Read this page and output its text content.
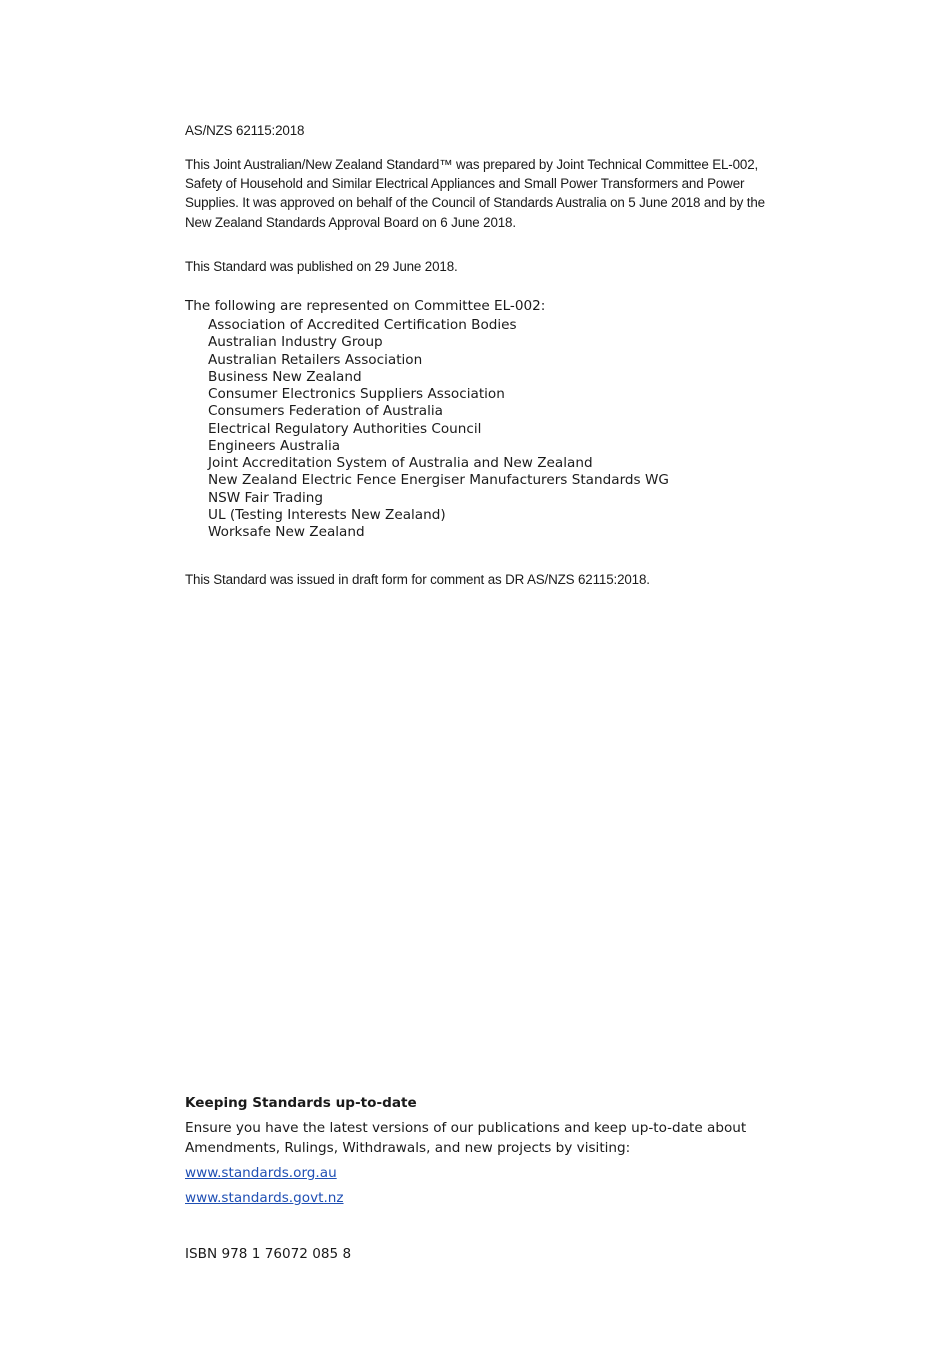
AS/NZS 62115:2018

This Joint Australian/New Zealand Standard™ was prepared by Joint Technical Committee EL-002, Safety of Household and Similar Electrical Appliances and Small Power Transformers and Power Supplies. It was approved on behalf of the Council of Standards Australia on 5 June 2018 and by the New Zealand Standards Approval Board on 6 June 2018.

This Standard was published on 29 June 2018.

The following are represented on Committee EL-002:

Association of Accredited Certification Bodies
Australian Industry Group
Australian Retailers Association
Business New Zealand
Consumer Electronics Suppliers Association
Consumers Federation of Australia
Electrical Regulatory Authorities Council
Engineers Australia
Joint Accreditation System of Australia and New Zealand
New Zealand Electric Fence Energiser Manufacturers Standards WG
NSW Fair Trading
UL (Testing Interests New Zealand)
Worksafe New Zealand

This Standard was issued in draft form for comment as DR AS/NZS 62115:2018.

Keeping Standards up-to-date

Ensure you have the latest versions of our publications and keep up-to-date about Amendments, Rulings, Withdrawals, and new projects by visiting:

www.standards.org.au
www.standards.govt.nz

ISBN 978 1 76072 085 8
